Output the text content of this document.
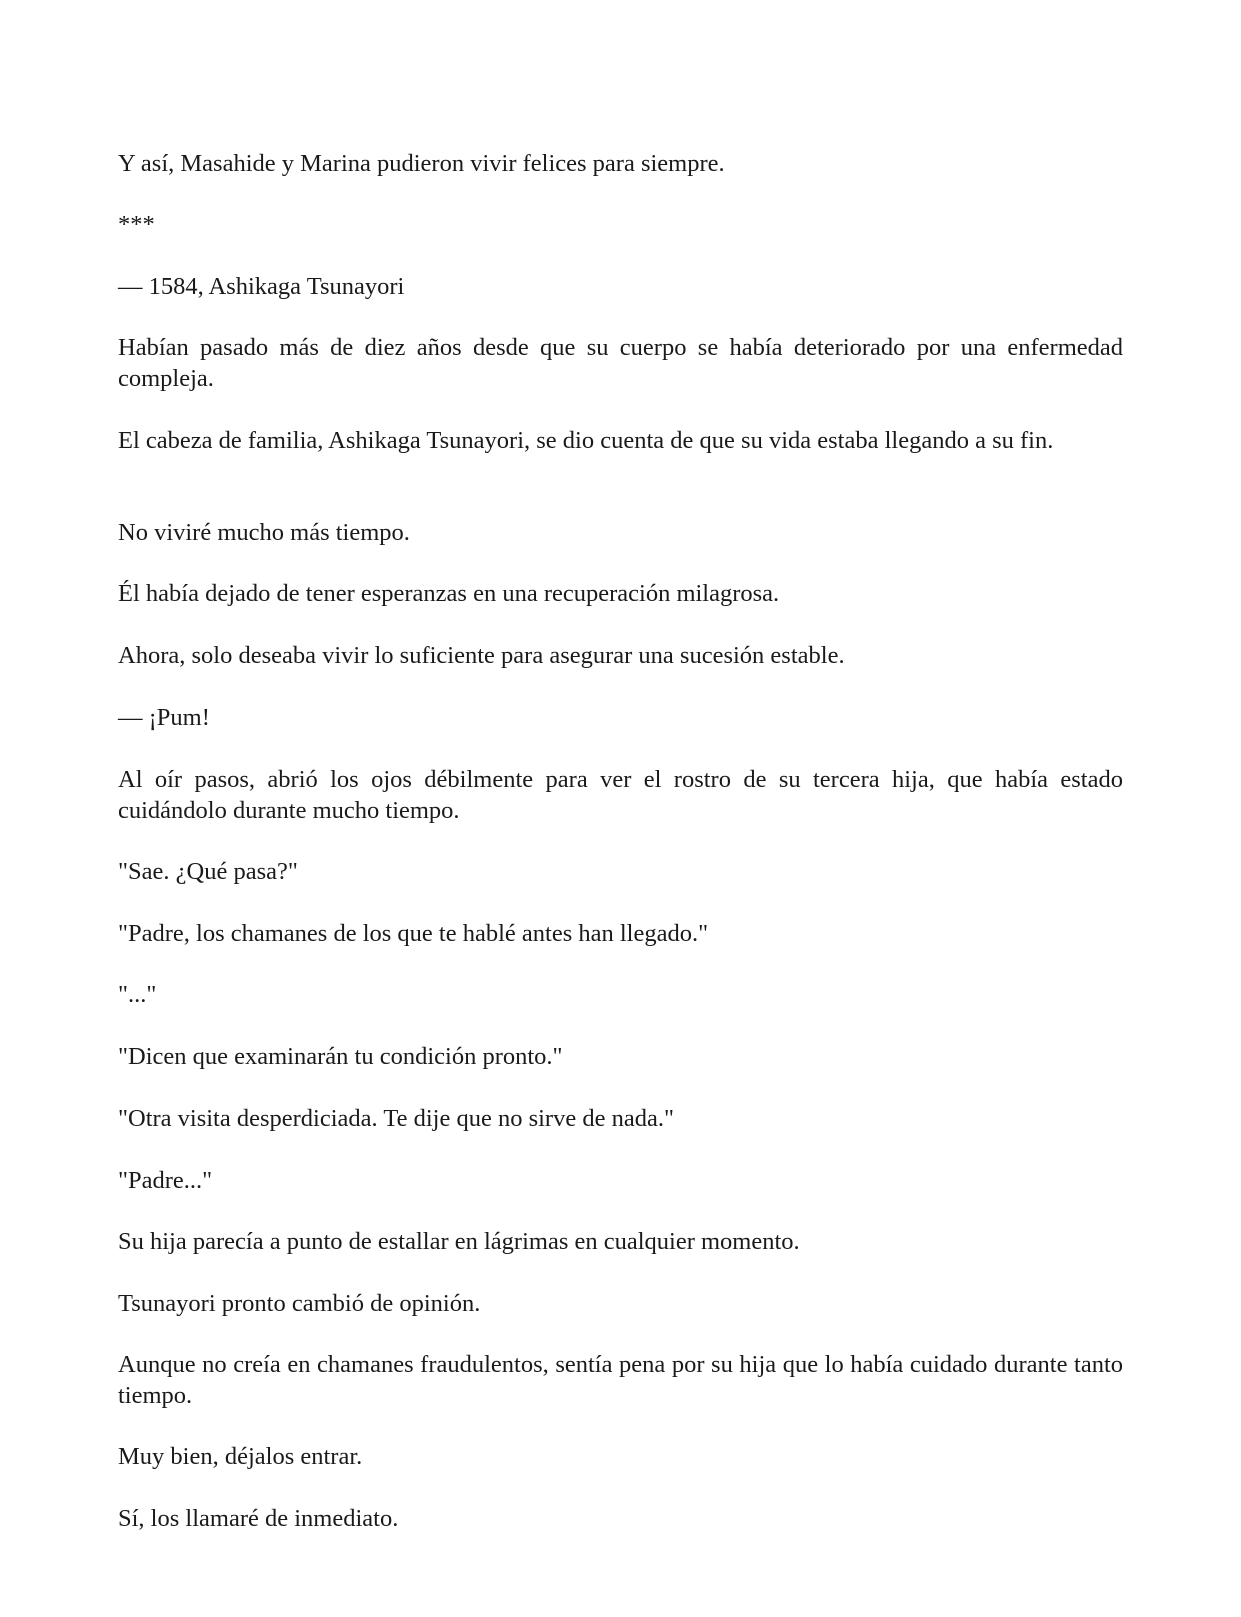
Y así, Masahide y Marina pudieron vivir felices para siempre.

***

— 1584, Ashikaga Tsunayori

Habían pasado más de diez años desde que su cuerpo se había deteriorado por una enfermedad compleja.

El cabeza de familia, Ashikaga Tsunayori, se dio cuenta de que su vida estaba llegando a su fin.

No viviré mucho más tiempo.

Él había dejado de tener esperanzas en una recuperación milagrosa.

Ahora, solo deseaba vivir lo suficiente para asegurar una sucesión estable.

— ¡Pum!

Al oír pasos, abrió los ojos débilmente para ver el rostro de su tercera hija, que había estado cuidándolo durante mucho tiempo.

"Sae. ¿Qué pasa?"

"Padre, los chamanes de los que te hablé antes han llegado."

"..."

"Dicen que examinarán tu condición pronto."

"Otra visita desperdiciada. Te dije que no sirve de nada."

"Padre..."

Su hija parecía a punto de estallar en lágrimas en cualquier momento.

Tsunayori pronto cambió de opinión.

Aunque no creía en chamanes fraudulentos, sentía pena por su hija que lo había cuidado durante tanto tiempo.

Muy bien, déjalos entrar.

Sí, los llamaré de inmediato.
